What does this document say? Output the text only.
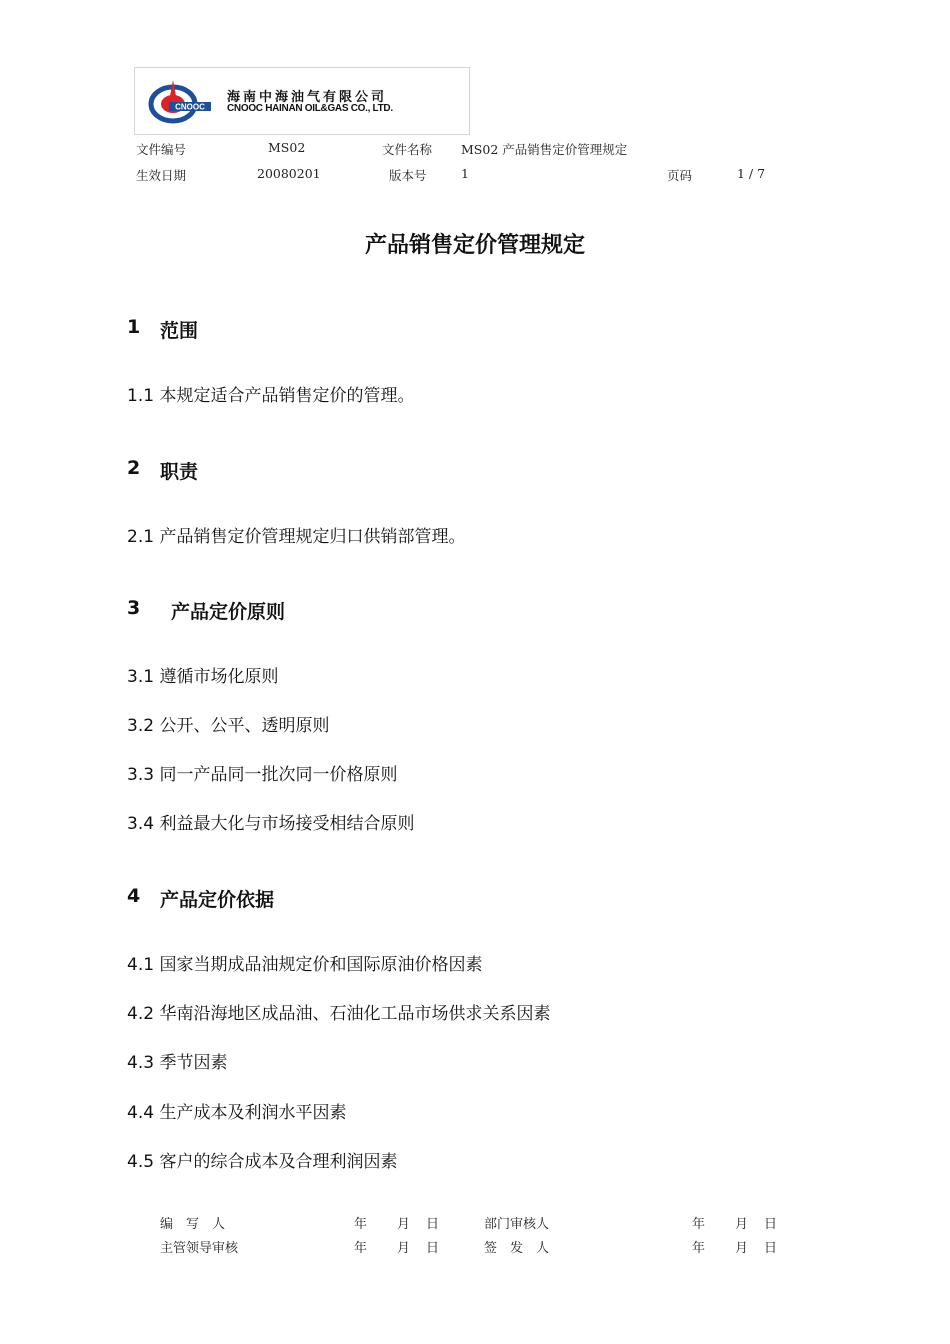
CNOOC
海南中海油气有限公司
CNOOC HAINAN OIL&GAS CO., LTD.
文件编号	MS02	文件名称 MS02 产品销售定价管理规定
生效日期	20080201	版本号	1	页码	1 / 7
产品销售定价管理规定
1 范围
1.1 本规定适合产品销售定价的管理。
2 职责
2.1 产品销售定价管理规定归口供销部管理。
3 产品定价原则
3.1 遵循市场化原则
3.2 公开、公平、透明原则
3.3 同一产品同一批次同一价格原则
3.4 利益最大化与市场接受相结合原则
4 产品定价依据
4.1 国家当期成品油规定价和国际原油价格因素
4.2 华南沿海地区成品油、石油化工品市场供求关系因素
4.3 季节因素
4.4 生产成本及利润水平因素
4.5 客户的综合成本及合理利润因素
编　写　人	年 月 日	部门审核人	年 月 日
主管领导审核	年 月 日	签　发　人	年 月 日
